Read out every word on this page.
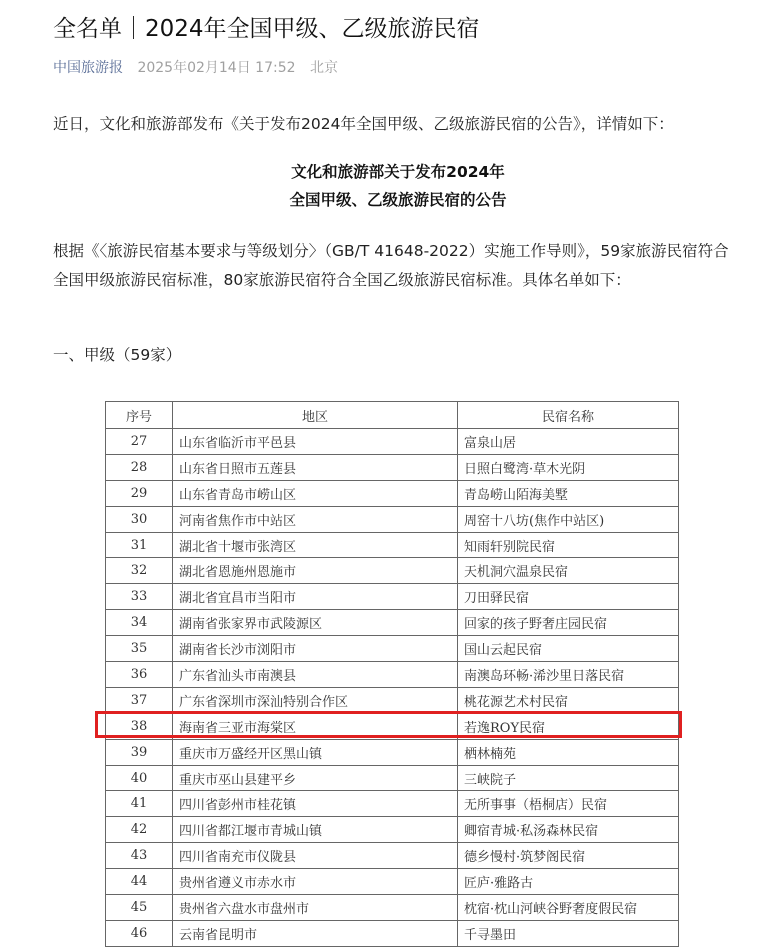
全名单｜2024年全国甲级、乙级旅游民宿
中国旅游报 2025年02月14日 17:52 北京
近日，文化和旅游部发布《关于发布2024年全国甲级、乙级旅游民宿的公告》，详情如下：
文化和旅游部关于发布2024年
全国甲级、乙级旅游民宿的公告
根据《〈旅游民宿基本要求与等级划分〉（GB/T 41648-2022）实施工作导则》，59家旅游民宿符合全国甲级旅游民宿标准，80家旅游民宿符合全国乙级旅游民宿标准。具体名单如下：
一、甲级（59家）
序号	地区	民宿名称
27	山东省临沂市平邑县	富泉山居
28	山东省日照市五莲县	日照白鹭湾·草木光阴
29	山东省青岛市崂山区	青岛崂山陌海美墅
30	河南省焦作市中站区	周窑十八坊(焦作中站区)
31	湖北省十堰市张湾区	知雨轩别院民宿
32	湖北省恩施州恩施市	天机洞穴温泉民宿
33	湖北省宜昌市当阳市	刀田驿民宿
34	湖南省张家界市武陵源区	回家的孩子野奢庄园民宿
35	湖南省长沙市浏阳市	国山云起民宿
36	广东省汕头市南澳县	南澳岛环畅·浠沙里日落民宿
37	广东省深圳市深汕特别合作区	桃花源艺术村民宿
38	海南省三亚市海棠区	若逸ROY民宿
39	重庆市万盛经开区黑山镇	栖林楠苑
40	重庆市巫山县建平乡	三峡院子
41	四川省彭州市桂花镇	无所事事（梧桐店）民宿
42	四川省都江堰市青城山镇	卿宿青城·私汤森林民宿
43	四川省南充市仪陇县	德乡慢村·筑梦阁民宿
44	贵州省遵义市赤水市	匠庐·雅路古
45	贵州省六盘水市盘州市	枕宿·枕山河峡谷野奢度假民宿
46	云南省昆明市	千寻墨田
